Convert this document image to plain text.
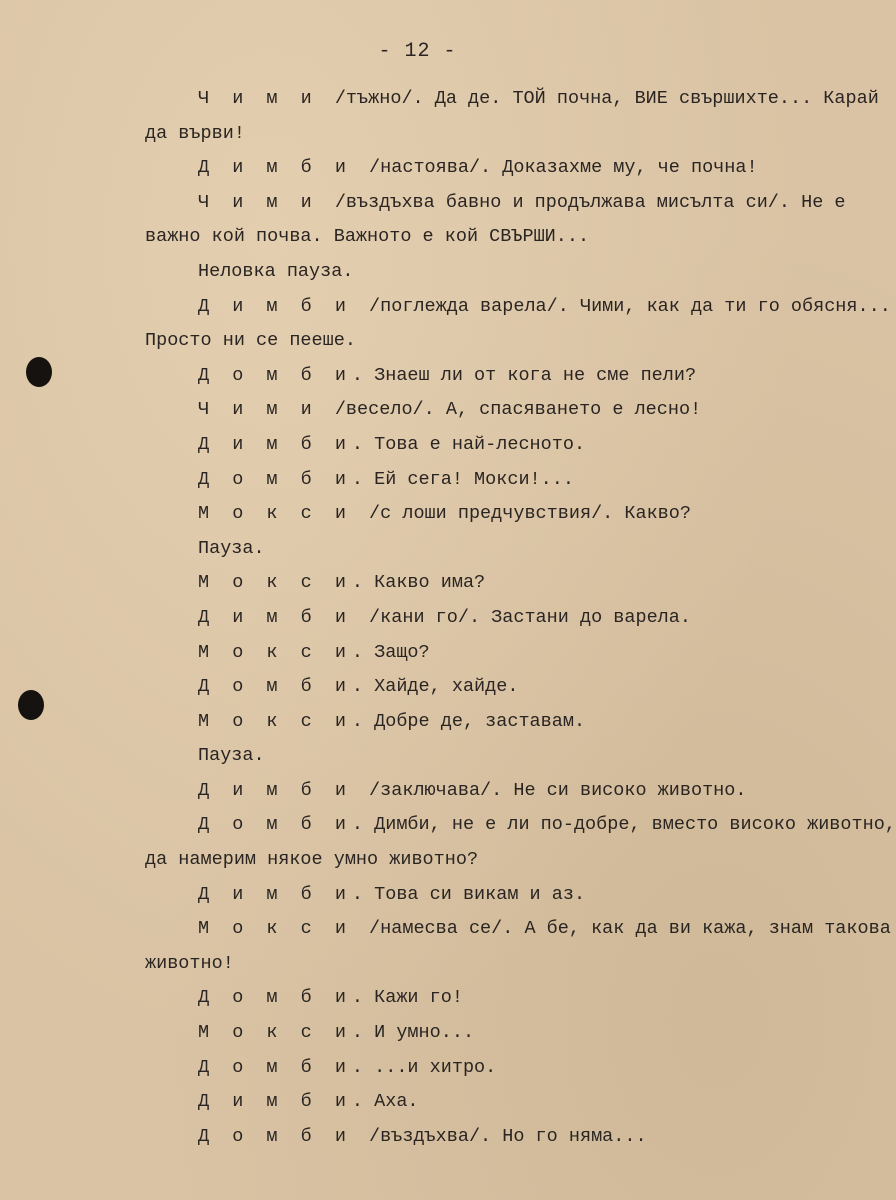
- 12 -
Ч и м и /тъжно/. Да де. ТОЙ почна, ВИЕ свършихте... Карай
да върви!
Д и м б и /настоява/. Доказахме му, че почна!
Ч и м и /въздъхва бавно и продължава мисълта си/. Не е
важно кой почва. Важното е кой СВЪРШИ...
Неловка пауза.
Д и м б и /поглежда варела/. Чими, как да ти го обясня...
Просто ни се пееше.
Д о м б и. Знаеш ли от кога не сме пели?
Ч и м и /весело/. А, спасяването е лесно!
Д и м б и. Това е най-лесното.
Д о м б и. Ей сега! Мокси!...
М о к с и /с лоши предчувствия/. Какво?
Пауза.
М о к с и. Какво има?
Д и м б и /кани го/. Застани до варела.
М о к с и. Защо?
Д о м б и. Хайде, хайде.
М о к с и. Добре де, заставам.
Пауза.
Д и м б и /заключава/. Не си високо животно.
Д о м б и. Димби, не е ли по-добре, вместо високо животно,
да намерим някое умно животно?
Д и м б и. Това си викам и аз.
М о к с и /намесва се/. А бе, как да ви кажа, знам такова
животно!
Д о м б и. Кажи го!
М о к с и. И умно...
Д о м б и. ...и хитро.
Д и м б и. Аха.
Д о м б и /въздъхва/. Но го няма...
